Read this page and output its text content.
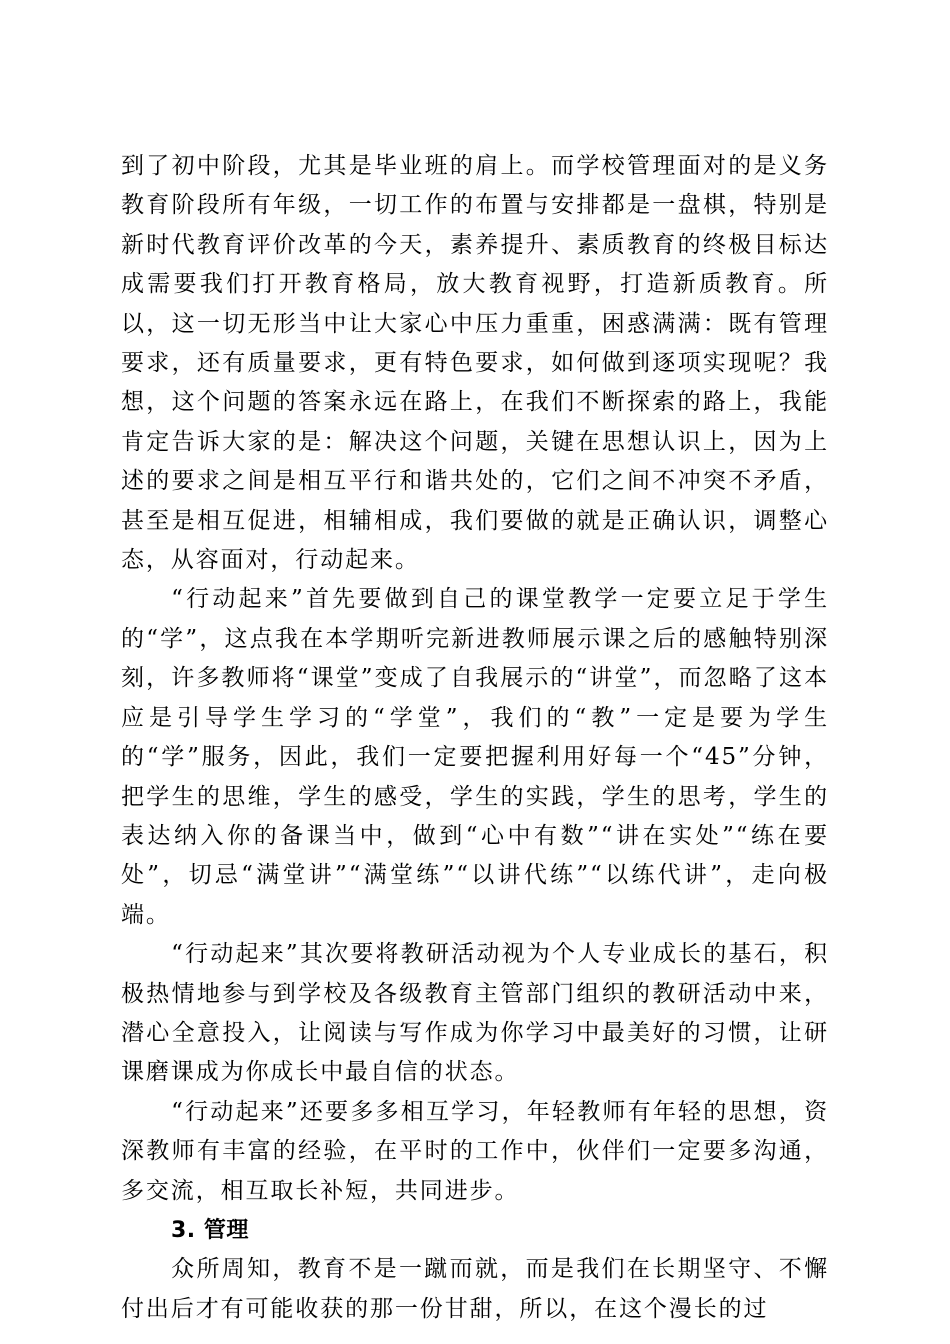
到了初中阶段，尤其是毕业班的肩上。而学校管理面对的是义务教育阶段所有年级，一切工作的布置与安排都是一盘棋，特别是新时代教育评价改革的今天，素养提升、素质教育的终极目标达成需要我们打开教育格局，放大教育视野，打造新质教育。所以，这一切无形当中让大家心中压力重重，困惑满满：既有管理要求，还有质量要求，更有特色要求，如何做到逐项实现呢？我想，这个问题的答案永远在路上，在我们不断探索的路上，我能肯定告诉大家的是：解决这个问题，关键在思想认识上，因为上述的要求之间是相互平行和谐共处的，它们之间不冲突不矛盾，甚至是相互促进，相辅相成，我们要做的就是正确认识，调整心态，从容面对，行动起来。

“行动起来”首先要做到自己的课堂教学一定要立足于学生的“学”，这点我在本学期听完新进教师展示课之后的感触特别深刻，许多教师将“课堂”变成了自我展示的“讲堂”，而忽略了这本应是引导学生学习的“学堂”，我们的“教”一定是要为学生的“学”服务，因此，我们一定要把握利用好每一个“45”分钟，把学生的思维，学生的感受，学生的实践，学生的思考，学生的表达纳入你的备课当中，做到“心中有数”“讲在实处”“练在要处”，切忌“满堂讲”“满堂练”“以讲代练”“以练代讲”，走向极端。

“行动起来”其次要将教研活动视为个人专业成长的基石，积极热情地参与到学校及各级教育主管部门组织的教研活动中来，潜心全意投入，让阅读与写作成为你学习中最美好的习惯，让研课磨课成为你成长中最自信的状态。

“行动起来”还要多多相互学习，年轻教师有年轻的思想，资深教师有丰富的经验，在平时的工作中，伙伴们一定要多沟通，多交流，相互取长补短，共同进步。

3. 管理

众所周知，教育不是一蹴而就，而是我们在长期坚守、不懈付出后才有可能收获的那一份甘甜，所以，在这个漫长的过
